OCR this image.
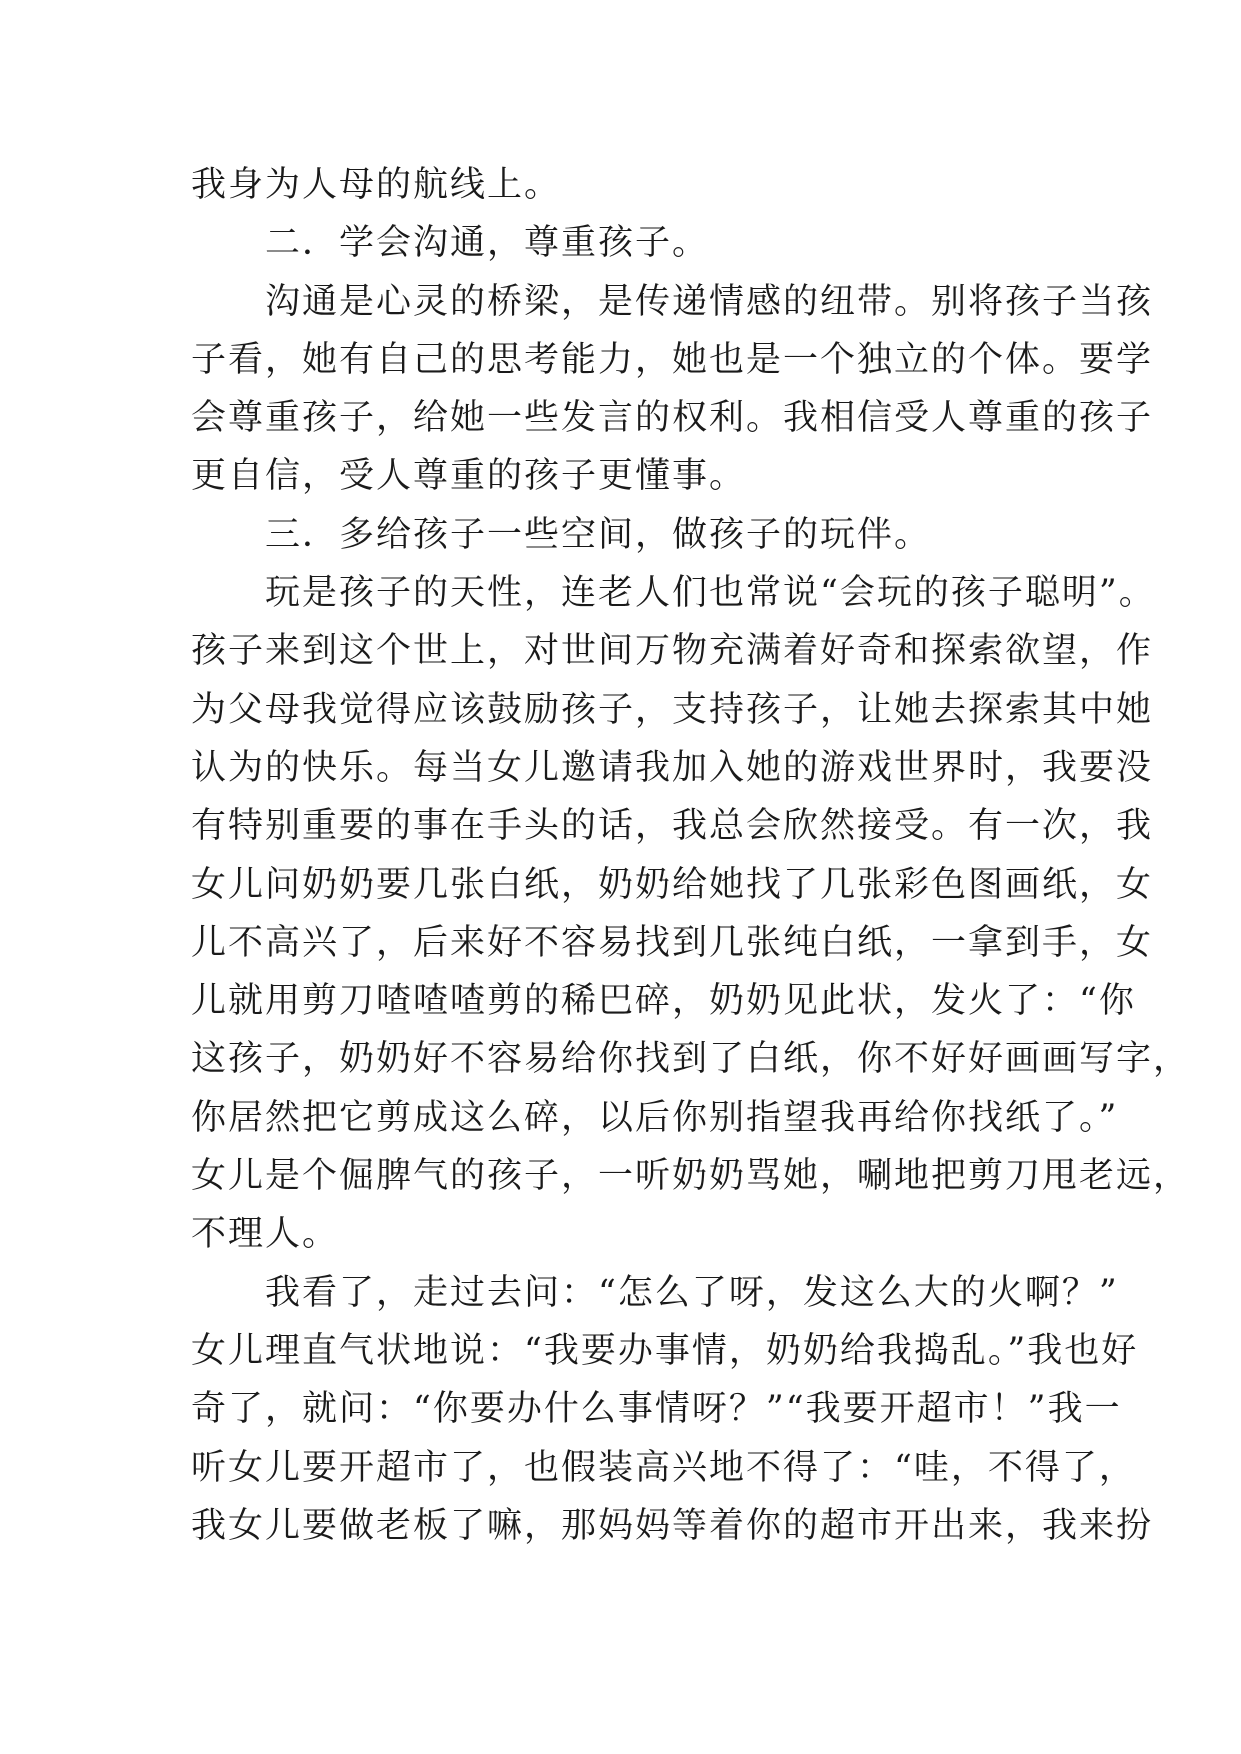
我身为人母的航线上。
　　二．学会沟通，尊重孩子。
　　沟通是心灵的桥梁，是传递情感的纽带。别将孩子当孩
子看，她有自己的思考能力，她也是一个独立的个体。要学
会尊重孩子，给她一些发言的权利。我相信受人尊重的孩子
更自信，受人尊重的孩子更懂事。
　　三．多给孩子一些空间，做孩子的玩伴。
　　玩是孩子的天性，连老人们也常说“会玩的孩子聪明”。
孩子来到这个世上，对世间万物充满着好奇和探索欲望，作
为父母我觉得应该鼓励孩子，支持孩子，让她去探索其中她
认为的快乐。每当女儿邀请我加入她的游戏世界时，我要没
有特别重要的事在手头的话，我总会欣然接受。有一次，我
女儿问奶奶要几张白纸，奶奶给她找了几张彩色图画纸，女
儿不高兴了，后来好不容易找到几张纯白纸，一拿到手，女
儿就用剪刀喳喳喳剪的稀巴碎，奶奶见此状，发火了：“你
这孩子，奶奶好不容易给你找到了白纸，你不好好画画写字，
你居然把它剪成这么碎，以后你别指望我再给你找纸了。”
女儿是个倔脾气的孩子，一听奶奶骂她，唰地把剪刀甩老远，
不理人。
　　我看了，走过去问：“怎么了呀，发这么大的火啊？”
女儿理直气状地说：“我要办事情，奶奶给我捣乱。”我也好
奇了，就问：“你要办什么事情呀？”“我要开超市！”我一
听女儿要开超市了，也假装高兴地不得了：“哇，不得了，
我女儿要做老板了嘛，那妈妈等着你的超市开出来，我来扮
